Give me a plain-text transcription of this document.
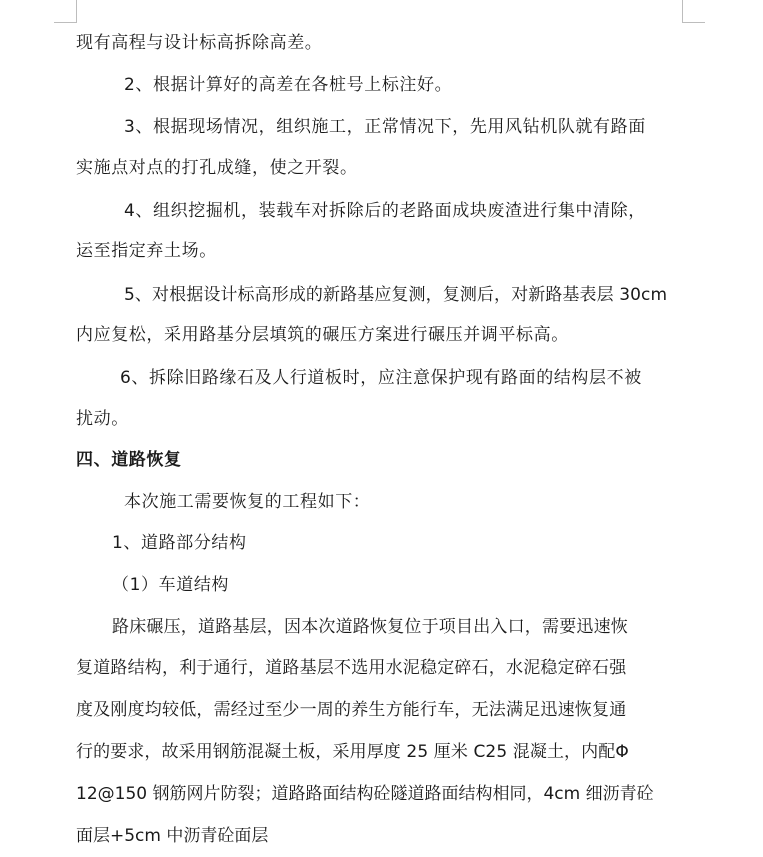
现有高程与设计标高拆除高差。
2、根据计算好的高差在各桩号上标注好。
3、根据现场情况，组织施工，正常情况下，先用风钻机队就有路面
实施点对点的打孔成缝，使之开裂。
4、组织挖掘机，装载车对拆除后的老路面成块废渣进行集中清除，
运至指定弃土场。
5、对根据设计标高形成的新路基应复测，复测后，对新路基表层 30cm
内应复松，采用路基分层填筑的碾压方案进行碾压并调平标高。
6、拆除旧路缘石及人行道板时，应注意保护现有路面的结构层不被
扰动。
四、道路恢复
本次施工需要恢复的工程如下：
1、道路部分结构
（1）车道结构
路床碾压，道路基层，因本次道路恢复位于项目出入口，需要迅速恢
复道路结构，利于通行，道路基层不选用水泥稳定碎石，水泥稳定碎石强
度及刚度均较低，需经过至少一周的养生方能行车，无法满足迅速恢复通
行的要求，故采用钢筋混凝土板，采用厚度 25 厘米 C25 混凝土，内配Φ
12@150 钢筋网片防裂；道路路面结构砼隧道路面结构相同，4cm 细沥青砼
面层+5cm 中沥青砼面层
